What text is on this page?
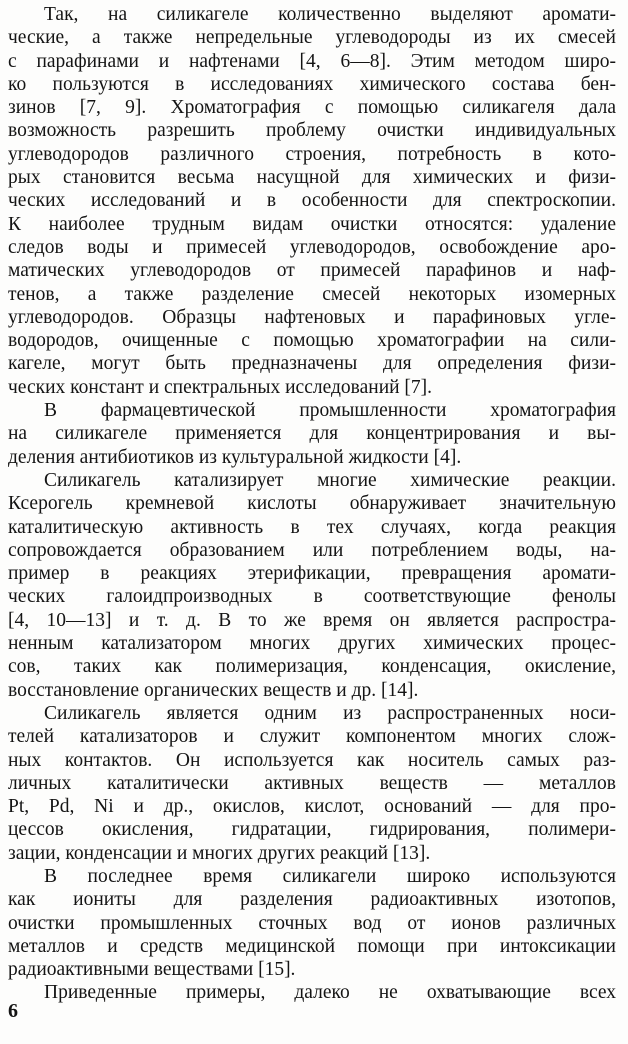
Так, на силикагеле количественно выделяют аромати-
ческие, а также непредельные углеводороды из их смесей
с парафинами и нафтенами [4, 6—8]. Этим методом широ-
ко пользуются в исследованиях химического состава бен-
зинов [7, 9]. Хроматография с помощью силикагеля дала
возможность разрешить проблему очистки индивидуальных
углеводородов различного строения, потребность в кото-
рых становится весьма насущной для химических и физи-
ческих исследований и в особенности для спектроскопии.
К наиболее трудным видам очистки относятся: удаление
следов воды и примесей углеводородов, освобождение аро-
матических углеводородов от примесей парафинов и наф-
тенов, а также разделение смесей некоторых изомерных
углеводородов. Образцы нафтеновых и парафиновых угле-
водородов, очищенные с помощью хроматографии на сили-
кагеле, могут быть предназначены для определения физи-
ческих констант и спектральных исследований [7].
В фармацевтической промышленности хроматография
на силикагеле применяется для концентрирования и вы-
деления антибиотиков из культуральной жидкости [4].
Силикагель катализирует многие химические реакции.
Ксерогель кремневой кислоты обнаруживает значительную
каталитическую активность в тех случаях, когда реакция
сопровождается образованием или потреблением воды, на-
пример в реакциях этерификации, превращения аромати-
ческих галоидпроизводных в соответствующие фенолы
[4, 10—13] и т. д. В то же время он является распростра-
ненным катализатором многих других химических процес-
сов, таких как полимеризация, конденсация, окисление,
восстановление органических веществ и др. [14].
Силикагель является одним из распространенных носи-
телей катализаторов и служит компонентом многих слож-
ных контактов. Он используется как носитель самых раз-
личных каталитически активных веществ — металлов
Pt, Pd, Ni и др., окислов, кислот, оснований — для про-
цессов окисления, гидратации, гидрирования, полимери-
зации, конденсации и многих других реакций [13].
В последнее время силикагели широко используются
как иониты для разделения радиоактивных изотопов,
очистки промышленных сточных вод от ионов различных
металлов и средств медицинской помощи при интоксикации
радиоактивными веществами [15].
Приведенные примеры, далеко не охватывающие всех
6
